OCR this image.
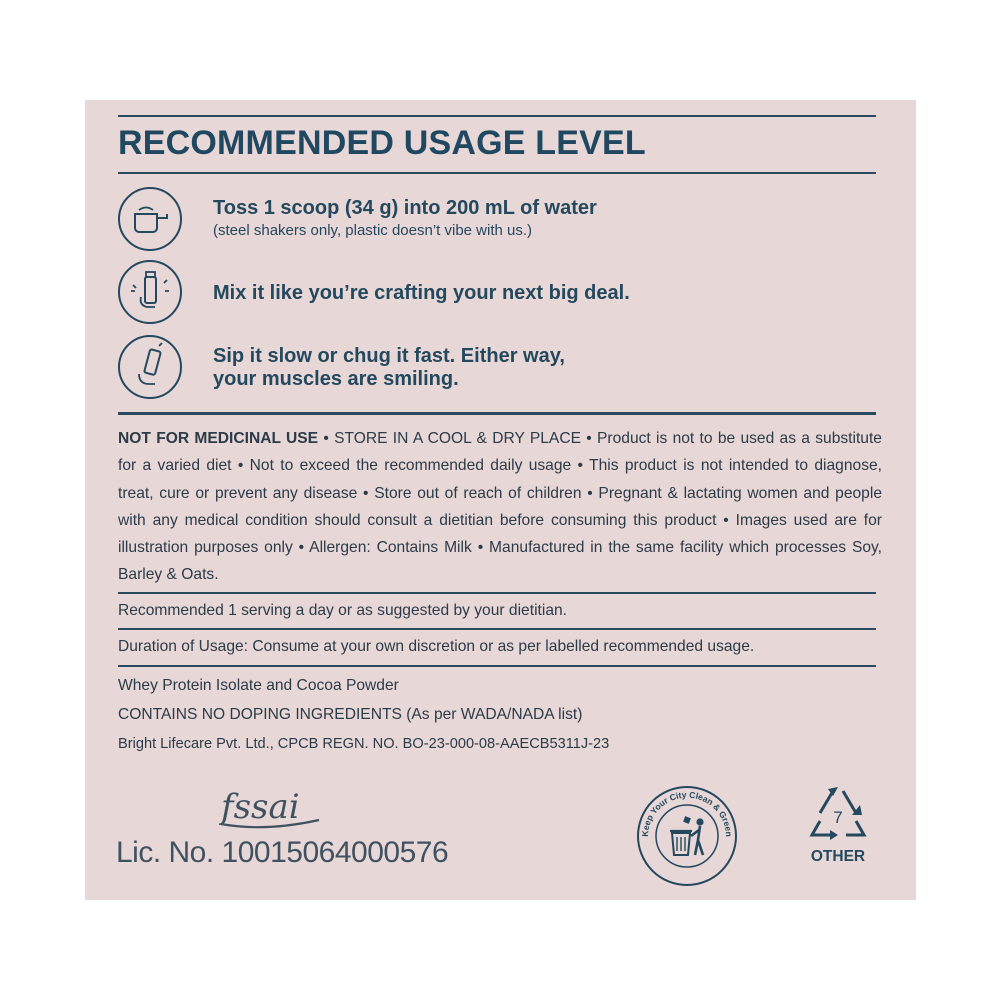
RECOMMENDED USAGE LEVEL
Toss 1 scoop (34 g) into 200 mL of water
(steel shakers only, plastic doesn’t vibe with us.)
Mix it like you’re crafting your next big deal.
Sip it slow or chug it fast. Either way,
your muscles are smiling.
NOT FOR MEDICINAL USE • STORE IN A COOL & DRY PLACE • Product is not to be used as a substitute for a varied diet • Not to exceed the recommended daily usage • This product is not intended to diagnose, treat, cure or prevent any disease • Store out of reach of children • Pregnant & lactating women and people with any medical condition should consult a dietitian before consuming this product • Images used are for illustration purposes only • Allergen: Contains Milk • Manufactured in the same facility which processes Soy, Barley & Oats.
Recommended 1 serving a day or as suggested by your dietitian.
Duration of Usage: Consume at your own discretion or as per labelled recommended usage.
Whey Protein Isolate and Cocoa Powder
CONTAINS NO DOPING INGREDIENTS (As per WADA/NADA list)
Bright Lifecare Pvt. Ltd., CPCB REGN. NO. BO-23-000-08-AAECB5311J-23
fssai
Lic. No. 10015064000576
Keep Your City Clean & Green
7
OTHER
